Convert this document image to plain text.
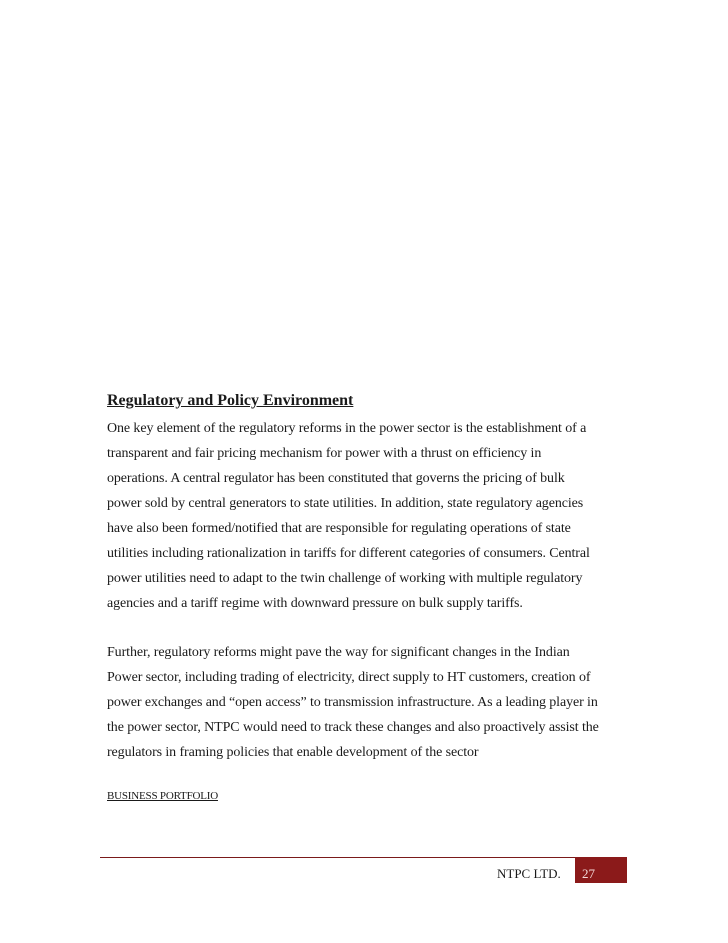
Regulatory and Policy Environment

One key element of the regulatory reforms in the power sector is the establishment of a
transparent and fair pricing mechanism for power with a thrust on efficiency in
operations. A central regulator has been constituted that governs the pricing of bulk
power sold by central generators to state utilities. In addition, state regulatory agencies
have also been formed/notified that are responsible for regulating operations of state
utilities including rationalization in tariffs for different categories of consumers. Central
power utilities need to adapt to the twin challenge of working with multiple regulatory
agencies and a tariff regime with downward pressure on bulk supply tariffs.

Further, regulatory reforms might pave the way for significant changes in the Indian
Power sector, including trading of electricity, direct supply to HT customers, creation of
power exchanges and “open access” to transmission infrastructure. As a leading player in
the power sector, NTPC would need to track these changes and also proactively assist the
regulators in framing policies that enable development of the sector

BUSINESS PORTFOLIO
NTPC LTD.	27
